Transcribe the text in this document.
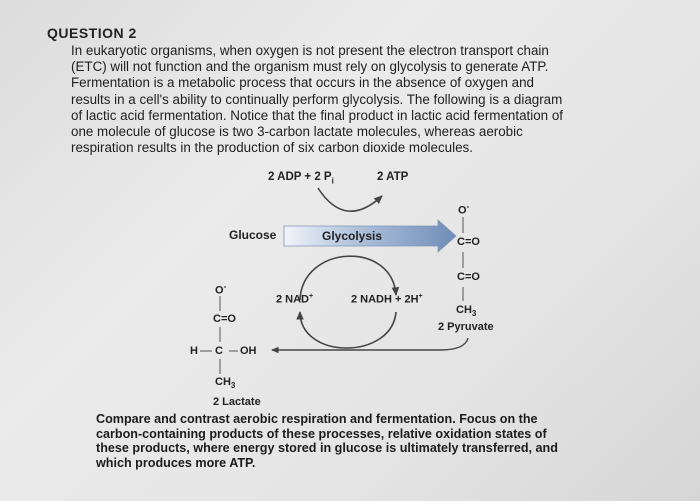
QUESTION 2
In eukaryotic organisms, when oxygen is not present the electron transport chain
(ETC) will not function and the organism must rely on glycolysis to generate ATP.
Fermentation is a metabolic process that occurs in the absence of oxygen and
results in a cell's ability to continually perform glycolysis. The following is a diagram
of lactic acid fermentation. Notice that the final product in lactic acid fermentation of
one molecule of glucose is two 3-carbon lactate molecules, whereas aerobic
respiration results in the production of six carbon dioxide molecules.
2 ADP + 2 $P_i$	2 ATP
Glucose	Glycolysis
2 NAD+	2 NADH + 2H+
O-
C=O
C=O
$CH_3$
2 Pyruvate
O-
C=O
H C OH
$CH_3$
2 Lactate
Compare and contrast aerobic respiration and fermentation. Focus on the
carbon-containing products of these processes, relative oxidation states of
these products, where energy stored in glucose is ultimately transferred, and
which produces more ATP.
